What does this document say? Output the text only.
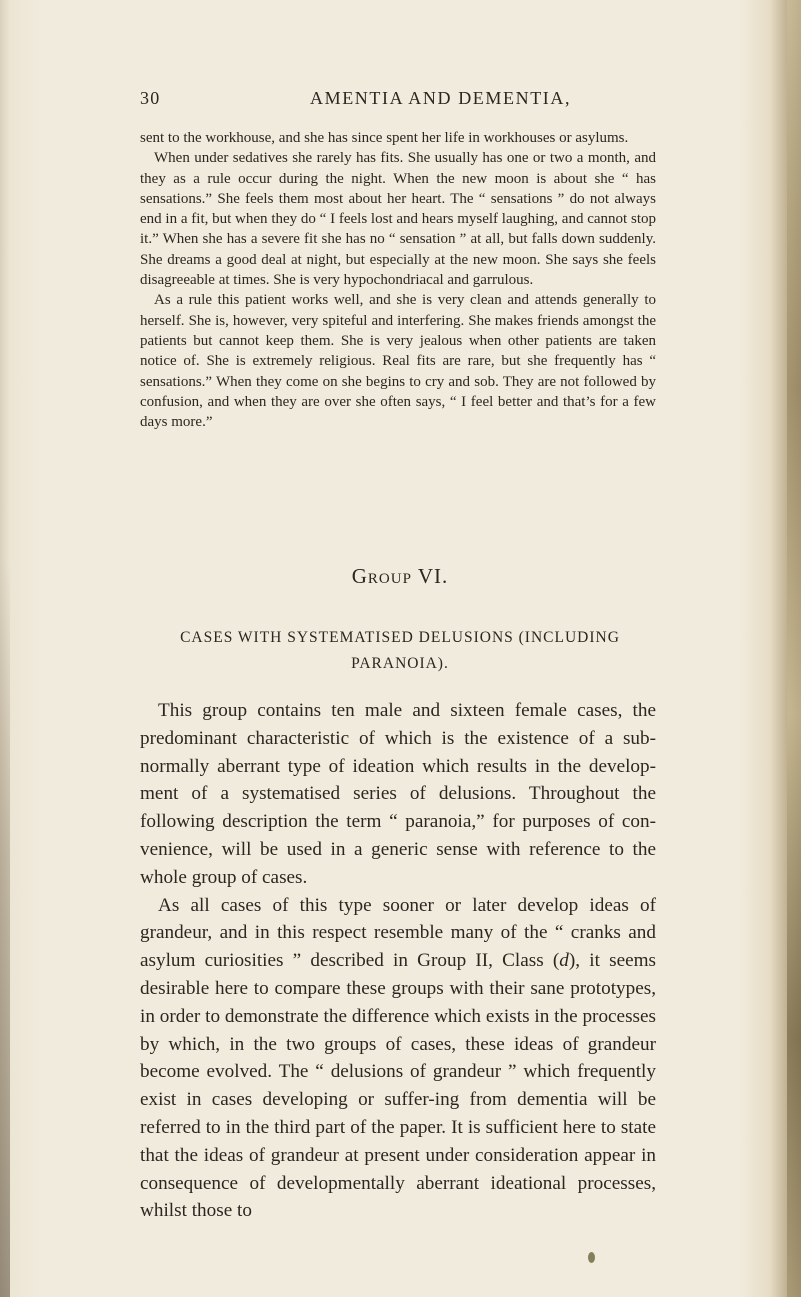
30	AMENTIA AND DEMENTIA,

sent to the workhouse, and she has since spent her life in workhouses or asylums.

When under sedatives she rarely has fits. She usually has one or two a month, and they as a rule occur during the night. When the new moon is about she “ has sensations.” She feels them most about her heart. The “ sensations ” do not always end in a fit, but when they do “ I feels lost and hears myself laughing, and cannot stop it.” When she has a severe fit she has no “ sensation ” at all, but falls down suddenly. She dreams a good deal at night, but especially at the new moon. She says she feels disagreeable at times. She is very hypochondriacal and garrulous.

As a rule this patient works well, and she is very clean and attends generally to herself. She is, however, very spiteful and interfering. She makes friends amongst the patients but cannot keep them. She is very jealous when other patients are taken notice of. She is extremely religious. Real fits are rare, but she frequently has “ sensations.” When they come on she begins to cry and sob. They are not followed by confusion, and when they are over she often says, “ I feel better and that’s for a few days more.”

Group VI.
CASES WITH SYSTEMATISED DELUSIONS (INCLUDING
PARANOIA).

This group contains ten male and sixteen female cases, the predominant characteristic of which is the existence of a sub-normally aberrant type of ideation which results in the develop-ment of a systematised series of delusions. Throughout the following description the term “ paranoia,” for purposes of con-venience, will be used in a generic sense with reference to the whole group of cases.

As all cases of this type sooner or later develop ideas of grandeur, and in this respect resemble many of the “ cranks and asylum curiosities ” described in Group II, Class (d), it seems desirable here to compare these groups with their sane prototypes, in order to demonstrate the difference which exists in the processes by which, in the two groups of cases, these ideas of grandeur become evolved. The “ delusions of grandeur ” which frequently exist in cases developing or suffer-ing from dementia will be referred to in the third part of the paper. It is sufficient here to state that the ideas of grandeur at present under consideration appear in consequence of developmentally aberrant ideational processes, whilst those to
